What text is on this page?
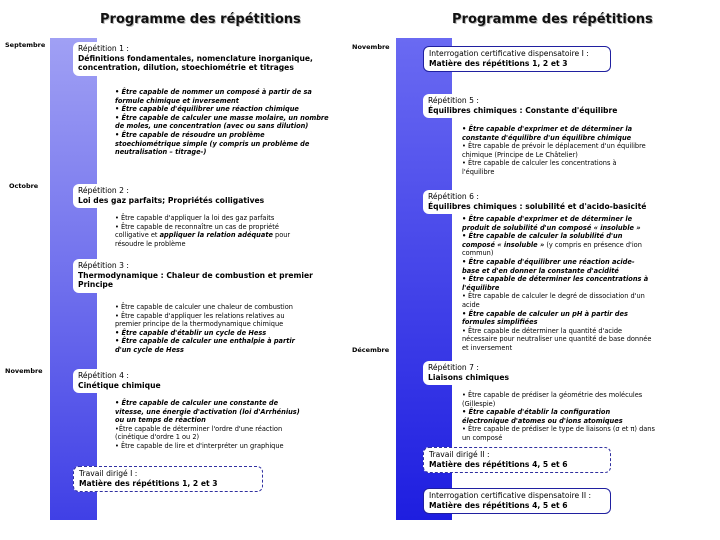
Programme des répétitions	Programme des répétitions
Septembre
Octobre
Novembre
Novembre
Décembre
Répétition 1 :
Définitions fondamentales, nomenclature inorganique, concentration, dilution, stoechiométrie et titrages
• Être capable de nommer un composé à partir de sa formule chimique et inversement
• Être capable d'équilibrer une réaction chimique
• Être capable de calculer une masse molaire, un nombre de moles, une concentration (avec ou sans dilution)
• Être capable de résoudre un problème stoechiométrique simple (y compris un problème de neutralisation – titrage-)
Répétition 2 :
Loi des gaz parfaits; Propriétés colligatives
• Être capable d'appliquer la loi des gaz parfaits
• Être capable de reconnaître un cas de propriété colligative et appliquer la relation adéquate pour résoudre le problème
Répétition 3 :
Thermodynamique : Chaleur de combustion et premier Principe
• Être capable de calculer une chaleur de combustion
• Être capable d'appliquer les relations relatives au premier principe de la thermodynamique chimique
• Être capable d'établir un cycle de Hess
• Être capable de calculer une enthalpie à partir d'un cycle de Hess
Répétition 4 :
Cinétique chimique
• Être capable de calculer une constante de vitesse, une énergie d'activation (loi d'Arrhénius) ou un temps de réaction
•Être capable de déterminer l'ordre d'une réaction (cinétique d'ordre 1 ou 2)
• Être capable de lire et d'interpréter un graphique
Travail dirigé I :
Matière des répétitions 1, 2 et 3
Interrogation certificative dispensatoire I :
Matière des répétitions 1, 2 et 3
Répétition 5 :
Équilibres chimiques : Constante d'équilibre
• Être capable d'exprimer et de déterminer la constante d'équilibre d'un équilibre chimique
• Être capable de prévoir le déplacement d'un équilibre chimique (Principe de Le Châtelier)
• Être capable de calculer les concentrations à l'équilibre
Répétition 6 :
Équilibres chimiques : solubilité et d'acido-basicité
• Être capable d'exprimer et de déterminer le produit de solubilité d'un composé « insoluble »
• Être capable de calculer la solubilité d'un composé « insoluble » (y compris en présence d'ion commun)
• Être capable d'équilibrer une réaction acide-base et d'en donner la constante d'acidité
• Être capable de déterminer les concentrations à l'équilibre
• Être capable de calculer le degré de dissociation d'un acide
• Être capable de calculer un pH à partir des formules simplifiées
• Être capable de déterminer la quantité d'acide nécessaire pour neutraliser une quantité de base donnée et inversement
Répétition 7 :
Liaisons chimiques
• Être capable de prédiser la géométrie des molécules (Gillespie)
• Être capable d'établir la configuration électronique d'atomes ou d'ions atomiques
• Être capable de prédiser le type de liaisons (σ et π) dans un composé
Travail dirigé II :
Matière des répétitions 4, 5 et 6
Interrogation certificative dispensatoire II :
Matière des répétitions 4, 5 et 6
